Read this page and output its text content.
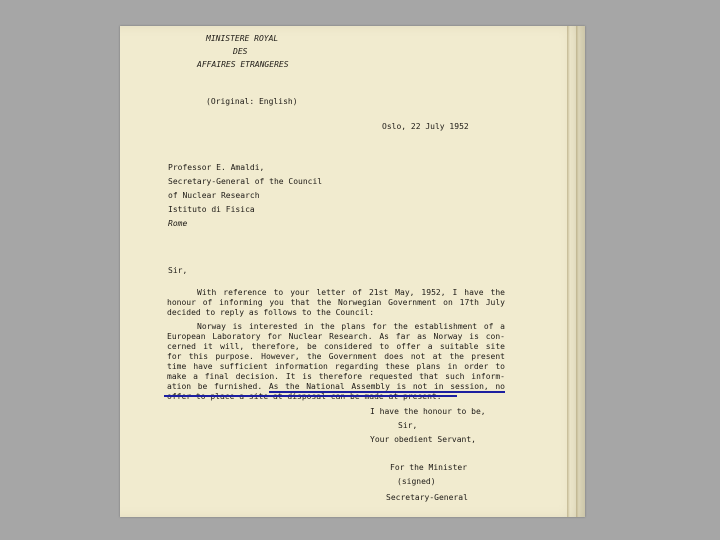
MINISTERE ROYAL

DES

AFFAIRES ETRANGERES

(Original: English)

Oslo, 22 July 1952

Professor E. Amaldi,

Secretary-General of the Council

of Nuclear Research

Istituto di Fisica

Rome

Sir,

With reference to your letter of 21st May, 1952, I have the

honour of informing you that the Norwegian Government on 17th July

decided to reply as follows to the Council:

Norway is interested in the plans for the establishment of a

European Laboratory for Nuclear Research. As far as Norway is con-

cerned it will, therefore, be considered to offer a suitable site

for this purpose. However, the Government does not at the present

time have sufficient information regarding these plans in order to

make a final decision. It is therefore requested that such inform-

ation be furnished. As the National Assembly is not in session, no

I have the honour to be,

Sir,

Your obedient Servant,

For the Minister

(signed)

Secretary-General
